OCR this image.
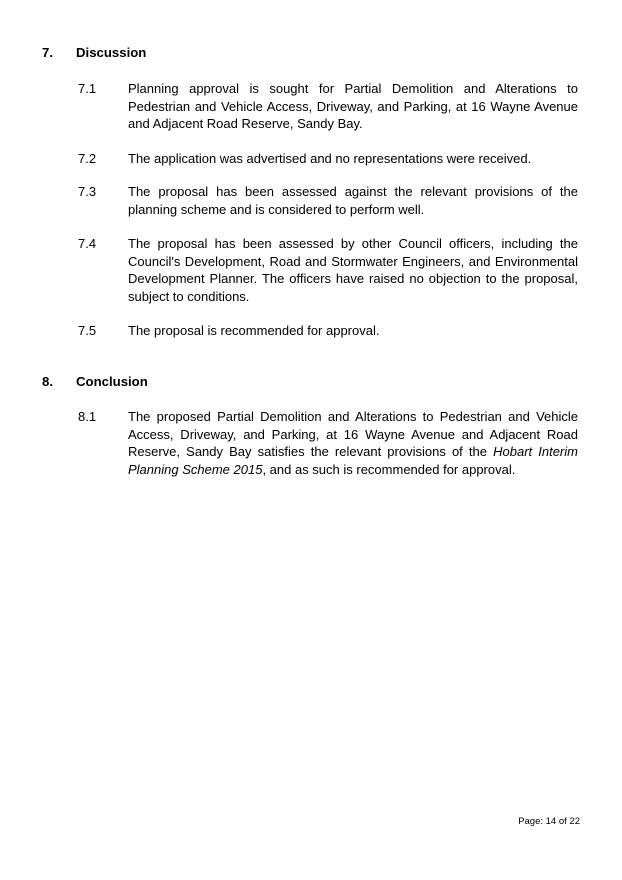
7.	Discussion
7.1	Planning approval is sought for Partial Demolition and Alterations to Pedestrian and Vehicle Access, Driveway, and Parking, at 16 Wayne Avenue and Adjacent Road Reserve, Sandy Bay.
7.2	The application was advertised and no representations were received.
7.3	The proposal has been assessed against the relevant provisions of the planning scheme and is considered to perform well.
7.4	The proposal has been assessed by other Council officers, including the Council's Development, Road and Stormwater Engineers, and Environmental Development Planner. The officers have raised no objection to the proposal, subject to conditions.
7.5	The proposal is recommended for approval.
8.	Conclusion
8.1	The proposed Partial Demolition and Alterations to Pedestrian and Vehicle Access, Driveway, and Parking, at 16 Wayne Avenue and Adjacent Road Reserve, Sandy Bay satisfies the relevant provisions of the Hobart Interim Planning Scheme 2015, and as such is recommended for approval.
Page: 14 of 22
